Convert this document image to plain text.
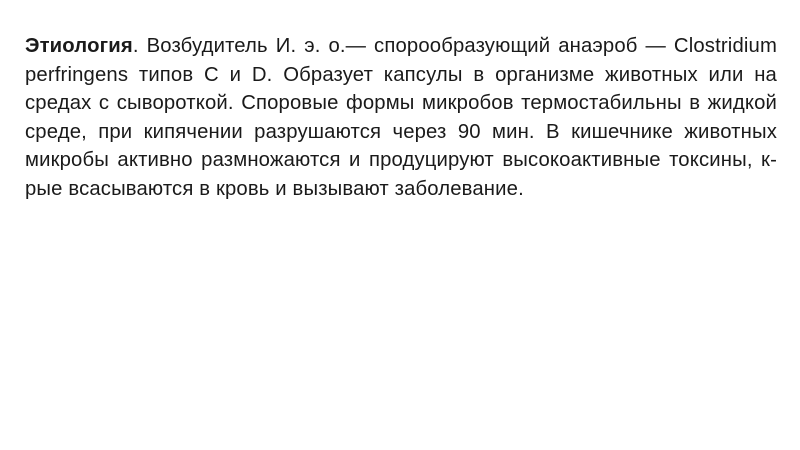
Этиология. Возбудитель И. э. о.— спорообразующий анаэроб — Clostridium perfringens типов C и D. Образует капсулы в организме животных или на средах с сывороткой. Споровые формы микробов термостабильны в жидкой среде, при кипячении разрушаются через 90 мин. В кишечнике животных микробы активно размножаются и продуцируют высокоактивные токсины, к-рые всасываются в кровь и вызывают заболевание.
